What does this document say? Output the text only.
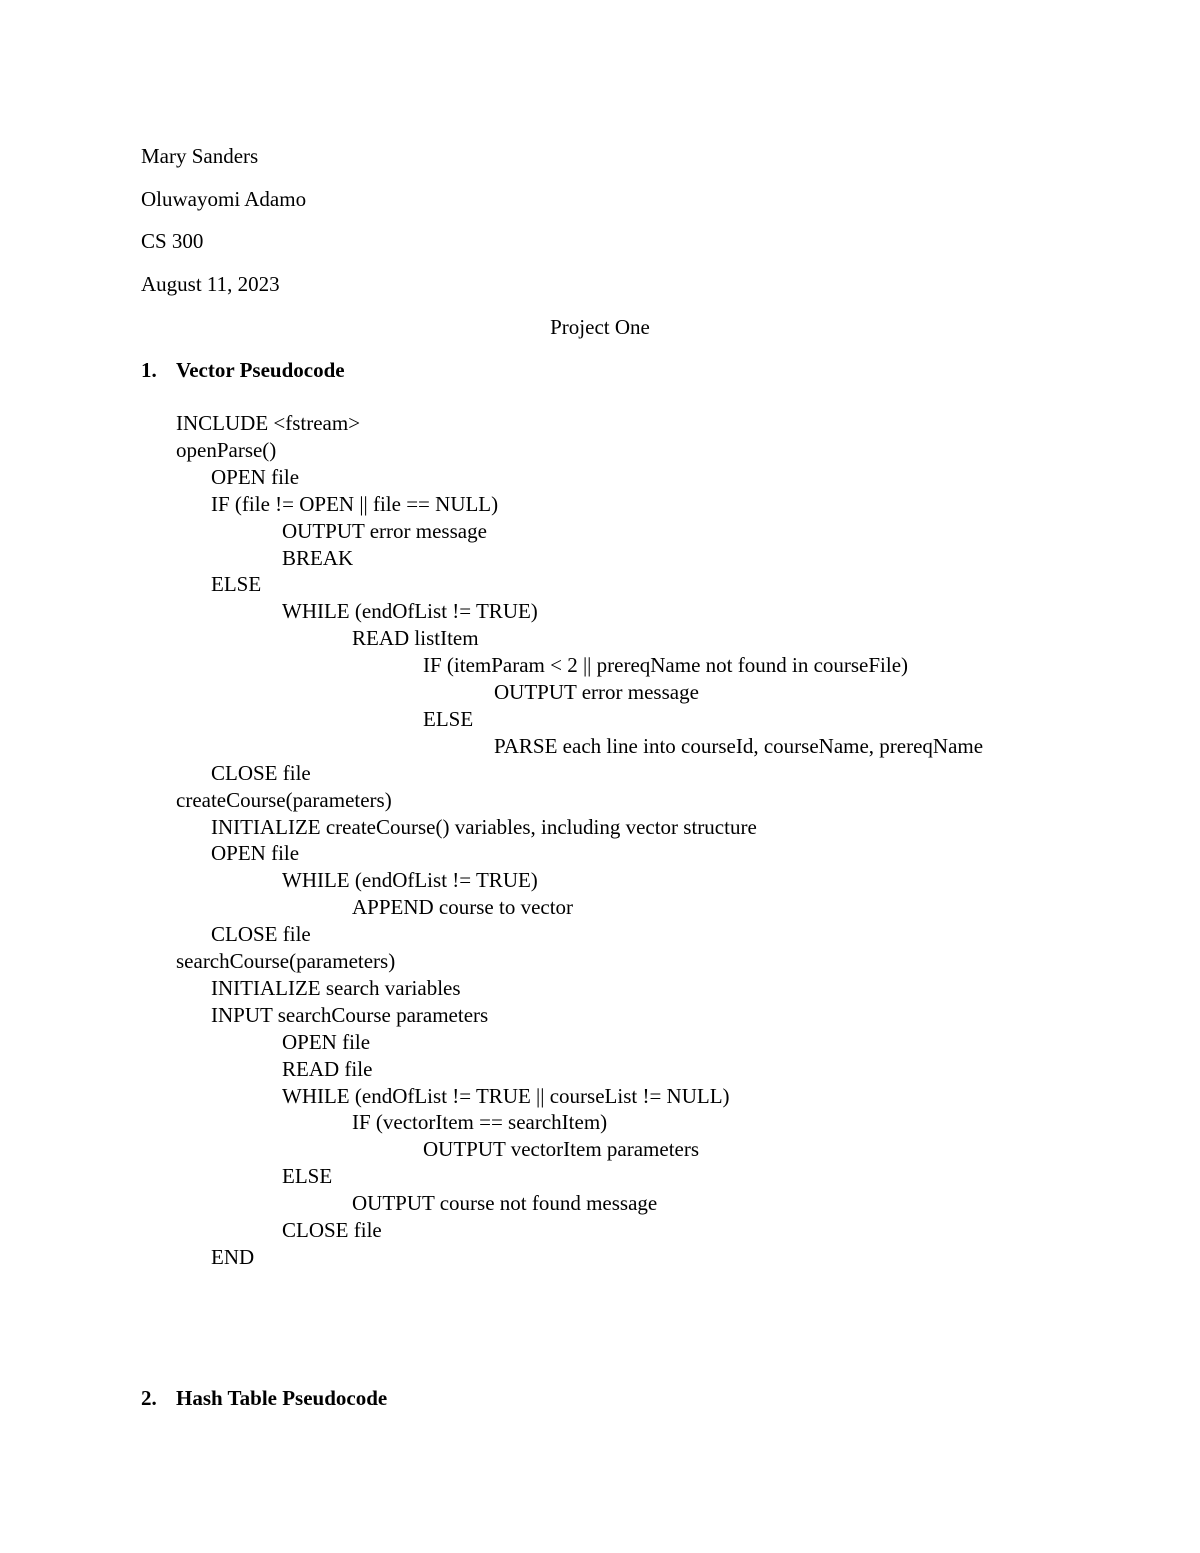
Mary Sanders
Oluwayomi Adamo
CS 300
August 11, 2023
Project One
1. Vector Pseudocode
INCLUDE <fstream>
openParse()
OPEN file
IF (file != OPEN || file == NULL)
OUTPUT error message
BREAK
ELSE
WHILE (endOfList != TRUE)
READ listItem
IF (itemParam < 2 || prereqName not found in courseFile)
OUTPUT error message
ELSE
PARSE each line into courseId, courseName, prereqName
CLOSE file
createCourse(parameters)
INITIALIZE createCourse() variables, including vector structure
OPEN file
WHILE (endOfList != TRUE)
APPEND course to vector
CLOSE file
searchCourse(parameters)
INITIALIZE search variables
INPUT searchCourse parameters
OPEN file
READ file
WHILE (endOfList != TRUE || courseList != NULL)
IF (vectorItem == searchItem)
OUTPUT vectorItem parameters
ELSE
OUTPUT course not found message
CLOSE file
END
2. Hash Table Pseudocode
